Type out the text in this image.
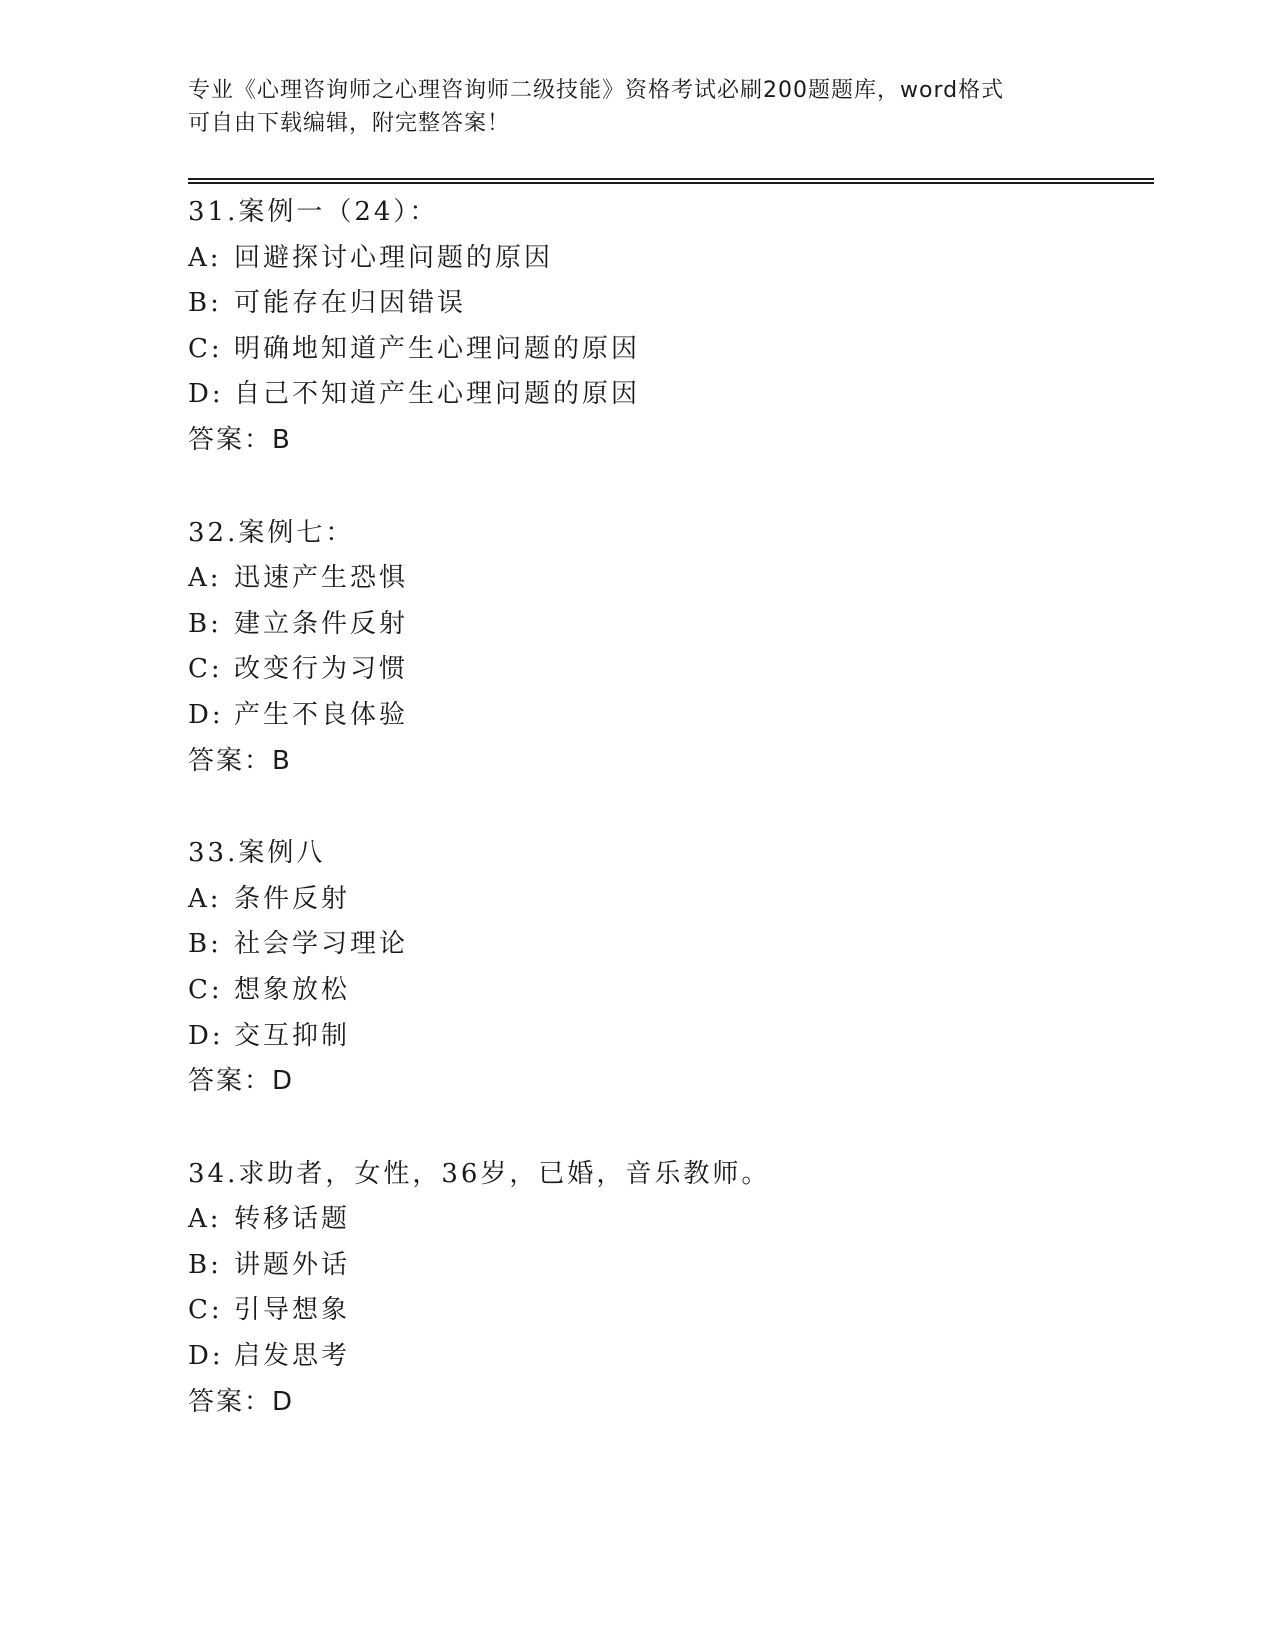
专业《心理咨询师之心理咨询师二级技能》资格考试必刷200题题库，word格式
可自由下载编辑，附完整答案！
31.案例一（24）：
A: 回避探讨心理问题的原因
B: 可能存在归因错误
C: 明确地知道产生心理问题的原因
D: 自己不知道产生心理问题的原因
答案：B
32.案例七：
A: 迅速产生恐惧
B: 建立条件反射
C: 改变行为习惯
D: 产生不良体验
答案：B
33.案例八
A: 条件反射
B: 社会学习理论
C: 想象放松
D: 交互抑制
答案：D
34.求助者，女性，36岁，已婚，音乐教师。
A: 转移话题
B: 讲题外话
C: 引导想象
D: 启发思考
答案：D
